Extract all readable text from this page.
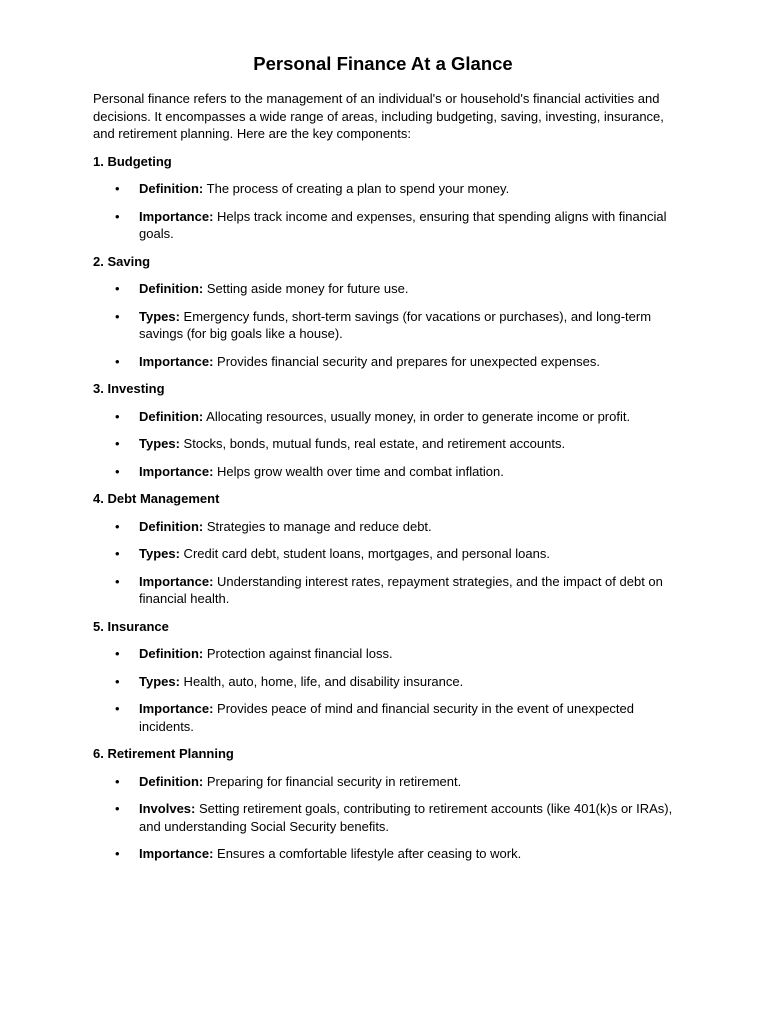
Personal Finance At a Glance

Personal finance refers to the management of an individual's or household's financial activities and decisions. It encompasses a wide range of areas, including budgeting, saving, investing, insurance, and retirement planning. Here are the key components:

1. Budgeting
• Definition: The process of creating a plan to spend your money.
• Importance: Helps track income and expenses, ensuring that spending aligns with financial goals.
2. Saving
• Definition: Setting aside money for future use.
• Types: Emergency funds, short-term savings (for vacations or purchases), and long-term savings (for big goals like a house).
• Importance: Provides financial security and prepares for unexpected expenses.
3. Investing
• Definition: Allocating resources, usually money, in order to generate income or profit.
• Types: Stocks, bonds, mutual funds, real estate, and retirement accounts.
• Importance: Helps grow wealth over time and combat inflation.
4. Debt Management
• Definition: Strategies to manage and reduce debt.
• Types: Credit card debt, student loans, mortgages, and personal loans.
• Importance: Understanding interest rates, repayment strategies, and the impact of debt on financial health.
5. Insurance
• Definition: Protection against financial loss.
• Types: Health, auto, home, life, and disability insurance.
• Importance: Provides peace of mind and financial security in the event of unexpected incidents.
6. Retirement Planning
• Definition: Preparing for financial security in retirement.
• Involves: Setting retirement goals, contributing to retirement accounts (like 401(k)s or IRAs), and understanding Social Security benefits.
• Importance: Ensures a comfortable lifestyle after ceasing to work.
